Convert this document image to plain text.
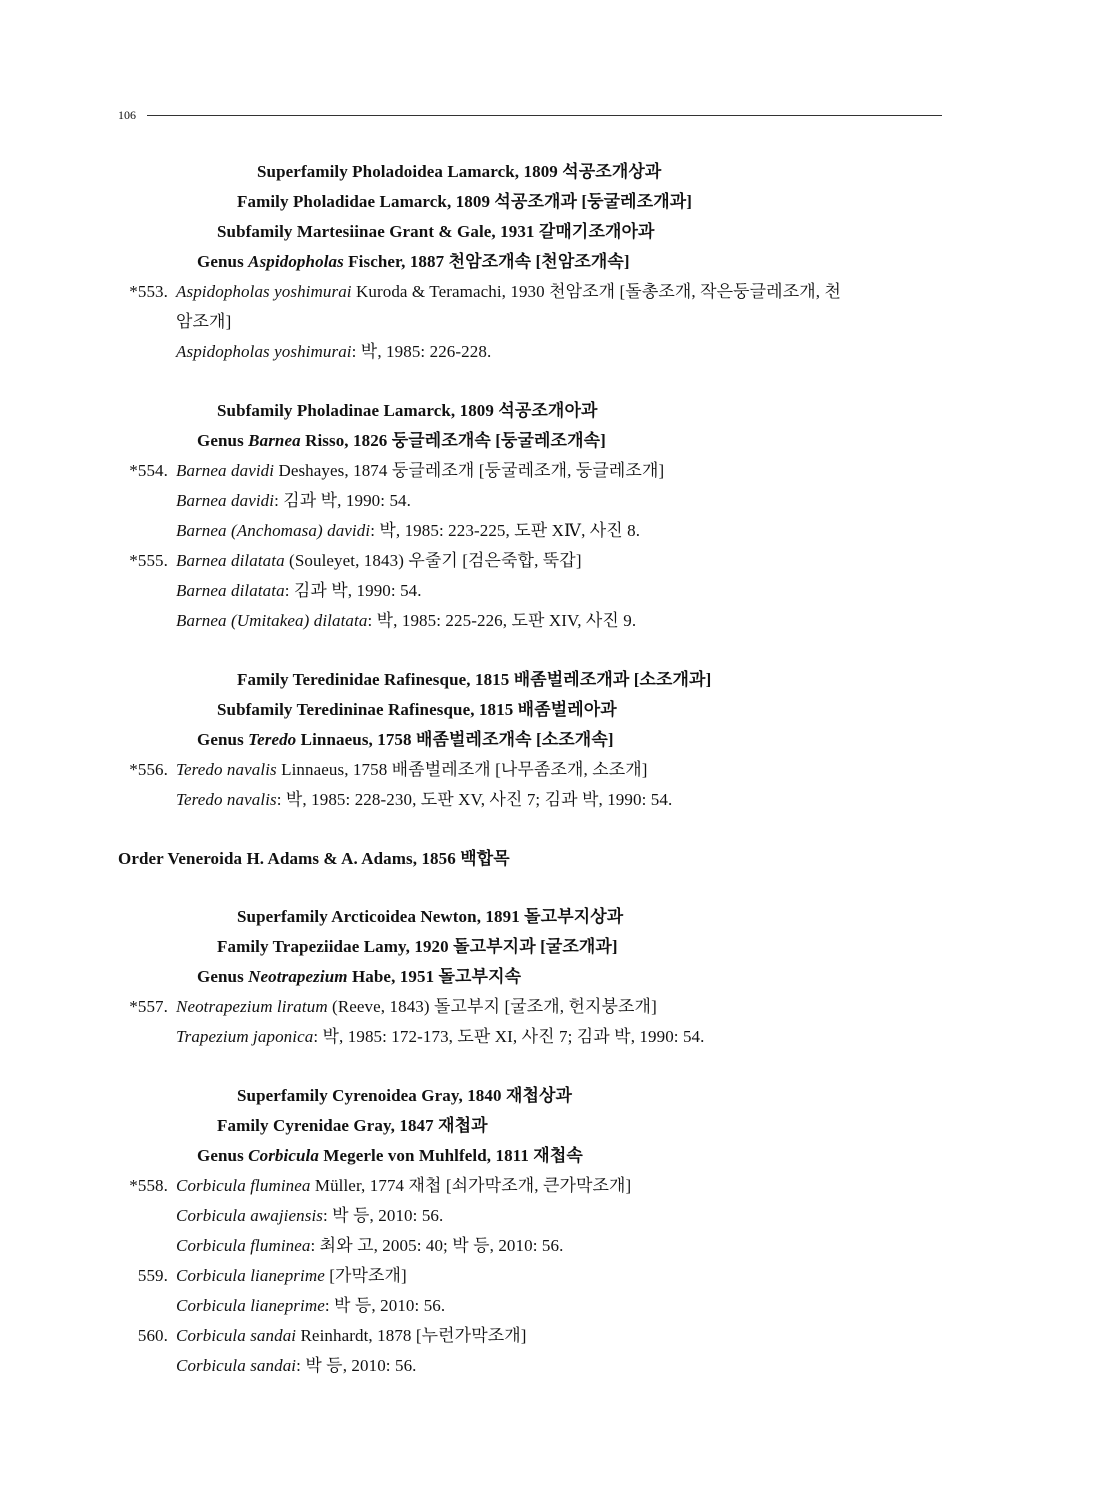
106
Superfamily Pholadoidea Lamarck, 1809 석공조개상과
Family Pholadidae Lamarck, 1809 석공조개과 [둥굴레조개과]
Subfamily Martesiinae Grant & Gale, 1931 갈매기조개아과
Genus Aspidopholas Fischer, 1887 천암조개속 [천암조개속]
*553. Aspidopholas yoshimurai Kuroda & Teramachi, 1930 천암조개 [돌총조개, 작은둥글레조개, 천
암조개]
Aspidopholas yoshimurai: 박, 1985: 226-228.
Subfamily Pholadinae Lamarck, 1809 석공조개아과
Genus Barnea Risso, 1826 둥글레조개속 [둥굴레조개속]
*554. Barnea davidi Deshayes, 1874 둥글레조개 [둥굴레조개, 둥글레조개]
Barnea davidi: 김과 박, 1990: 54.
Barnea (Anchomasa) davidi: 박, 1985: 223-225, 도판 XⅣ, 사진 8.
*555. Barnea dilatata (Souleyet, 1843) 우줄기 [검은죽합, 뚝갑]
Barnea dilatata: 김과 박, 1990: 54.
Barnea (Umitakea) dilatata: 박, 1985: 225-226, 도판 XIV, 사진 9.
Family Teredinidae Rafinesque, 1815 배좀벌레조개과 [소조개과]
Subfamily Teredininae Rafinesque, 1815 배좀벌레아과
Genus Teredo Linnaeus, 1758 배좀벌레조개속 [소조개속]
*556. Teredo navalis Linnaeus, 1758 배좀벌레조개 [나무좀조개, 소조개]
Teredo navalis: 박, 1985: 228-230, 도판 XV, 사진 7; 김과 박, 1990: 54.
Order Veneroida H. Adams & A. Adams, 1856 백합목
Superfamily Arcticoidea Newton, 1891 돌고부지상과
Family Trapeziidae Lamy, 1920 돌고부지과 [굴조개과]
Genus Neotrapezium Habe, 1951 돌고부지속
*557. Neotrapezium liratum (Reeve, 1843) 돌고부지 [굴조개, 헌지붕조개]
Trapezium japonica: 박, 1985: 172-173, 도판 XI, 사진 7; 김과 박, 1990: 54.
Superfamily Cyrenoidea Gray, 1840 재첩상과
Family Cyrenidae Gray, 1847 재첩과
Genus Corbicula Megerle von Muhlfeld, 1811 재첩속
*558. Corbicula fluminea Müller, 1774 재첩 [쇠가막조개, 큰가막조개]
Corbicula awajiensis: 박 등, 2010: 56.
Corbicula fluminea: 최와 고, 2005: 40; 박 등, 2010: 56.
559. Corbicula lianeprime [가막조개]
Corbicula lianeprime: 박 등, 2010: 56.
560. Corbicula sandai Reinhardt, 1878 [누런가막조개]
Corbicula sandai: 박 등, 2010: 56.
